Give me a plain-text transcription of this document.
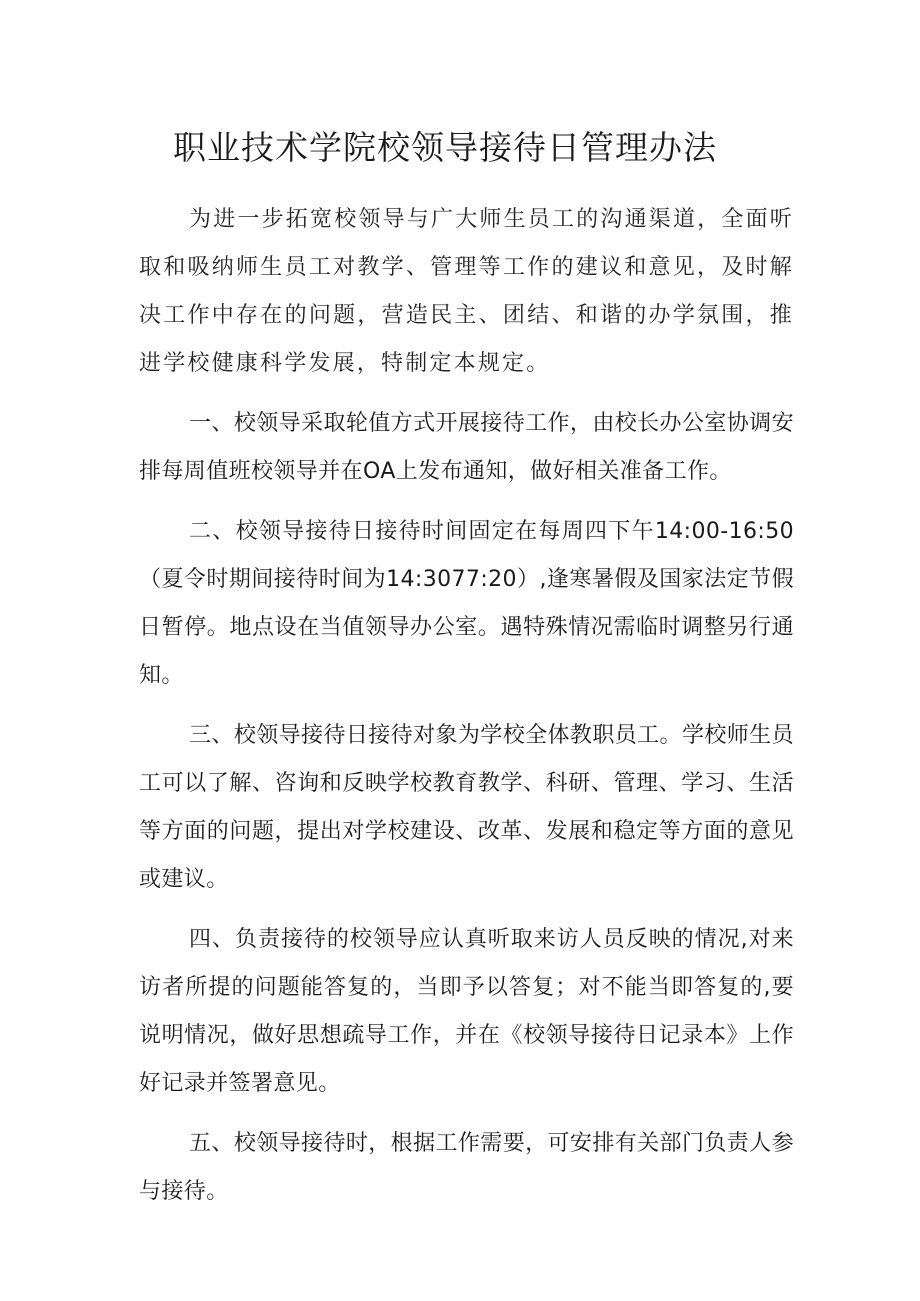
职业技术学院校领导接待日管理办法

为进一步拓宽校领导与广大师生员工的沟通渠道，全面听取和吸纳师生员工对教学、管理等工作的建议和意见，及时解决工作中存在的问题，营造民主、团结、和谐的办学氛围，推进学校健康科学发展，特制定本规定。

一、校领导采取轮值方式开展接待工作，由校长办公室协调安排每周值班校领导并在OA上发布通知，做好相关准备工作。

二、校领导接待日接待时间固定在每周四下午14:00-16:50（夏令时期间接待时间为14:3077:20）,逢寒暑假及国家法定节假日暂停。地点设在当值领导办公室。遇特殊情况需临时调整另行通知。

三、校领导接待日接待对象为学校全体教职员工。学校师生员工可以了解、咨询和反映学校教育教学、科研、管理、学习、生活等方面的问题，提出对学校建设、改革、发展和稳定等方面的意见或建议。

四、负责接待的校领导应认真听取来访人员反映的情况,对来访者所提的问题能答复的，当即予以答复；对不能当即答复的,要说明情况，做好思想疏导工作，并在《校领导接待日记录本》上作好记录并签署意见。

五、校领导接待时，根据工作需要，可安排有关部门负责人参与接待。
